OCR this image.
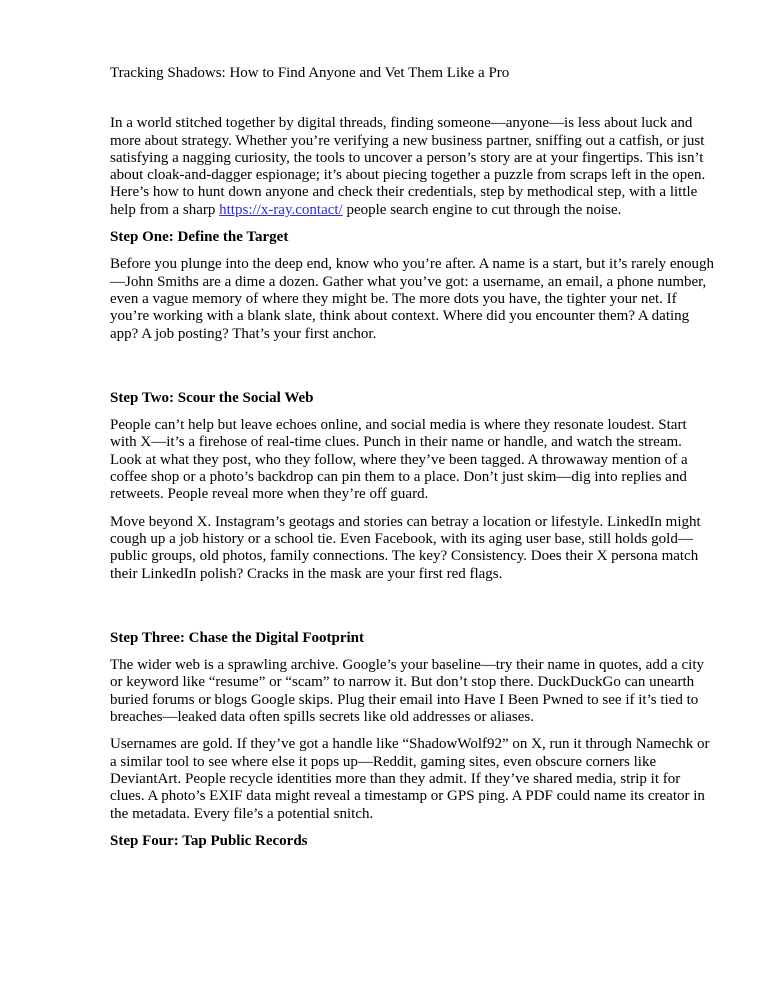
Tracking Shadows: How to Find Anyone and Vet Them Like a Pro

In a world stitched together by digital threads, finding someone—anyone—is less about luck and more about strategy. Whether you’re verifying a new business partner, sniffing out a catfish, or just satisfying a nagging curiosity, the tools to uncover a person’s story are at your fingertips. This isn’t about cloak-and-dagger espionage; it’s about piecing together a puzzle from scraps left in the open. Here’s how to hunt down anyone and check their credentials, step by methodical step, with a little help from a sharp https://x-ray.contact/ people search engine to cut through the noise.

Step One: Define the Target

Before you plunge into the deep end, know who you’re after. A name is a start, but it’s rarely enough—John Smiths are a dime a dozen. Gather what you’ve got: a username, an email, a phone number, even a vague memory of where they might be. The more dots you have, the tighter your net. If you’re working with a blank slate, think about context. Where did you encounter them? A dating app? A job posting? That’s your first anchor.

Step Two: Scour the Social Web

People can’t help but leave echoes online, and social media is where they resonate loudest. Start with X—it’s a firehose of real-time clues. Punch in their name or handle, and watch the stream. Look at what they post, who they follow, where they’ve been tagged. A throwaway mention of a coffee shop or a photo’s backdrop can pin them to a place. Don’t just skim—dig into replies and retweets. People reveal more when they’re off guard.

Move beyond X. Instagram’s geotags and stories can betray a location or lifestyle. LinkedIn might cough up a job history or a school tie. Even Facebook, with its aging user base, still holds gold—public groups, old photos, family connections. The key? Consistency. Does their X persona match their LinkedIn polish? Cracks in the mask are your first red flags.

Step Three: Chase the Digital Footprint

The wider web is a sprawling archive. Google’s your baseline—try their name in quotes, add a city or keyword like “resume” or “scam” to narrow it. But don’t stop there. DuckDuckGo can unearth buried forums or blogs Google skips. Plug their email into Have I Been Pwned to see if it’s tied to breaches—leaked data often spills secrets like old addresses or aliases.

Usernames are gold. If they’ve got a handle like “ShadowWolf92” on X, run it through Namechk or a similar tool to see where else it pops up—Reddit, gaming sites, even obscure corners like DeviantArt. People recycle identities more than they admit. If they’ve shared media, strip it for clues. A photo’s EXIF data might reveal a timestamp or GPS ping. A PDF could name its creator in the metadata. Every file’s a potential snitch.

Step Four: Tap Public Records
